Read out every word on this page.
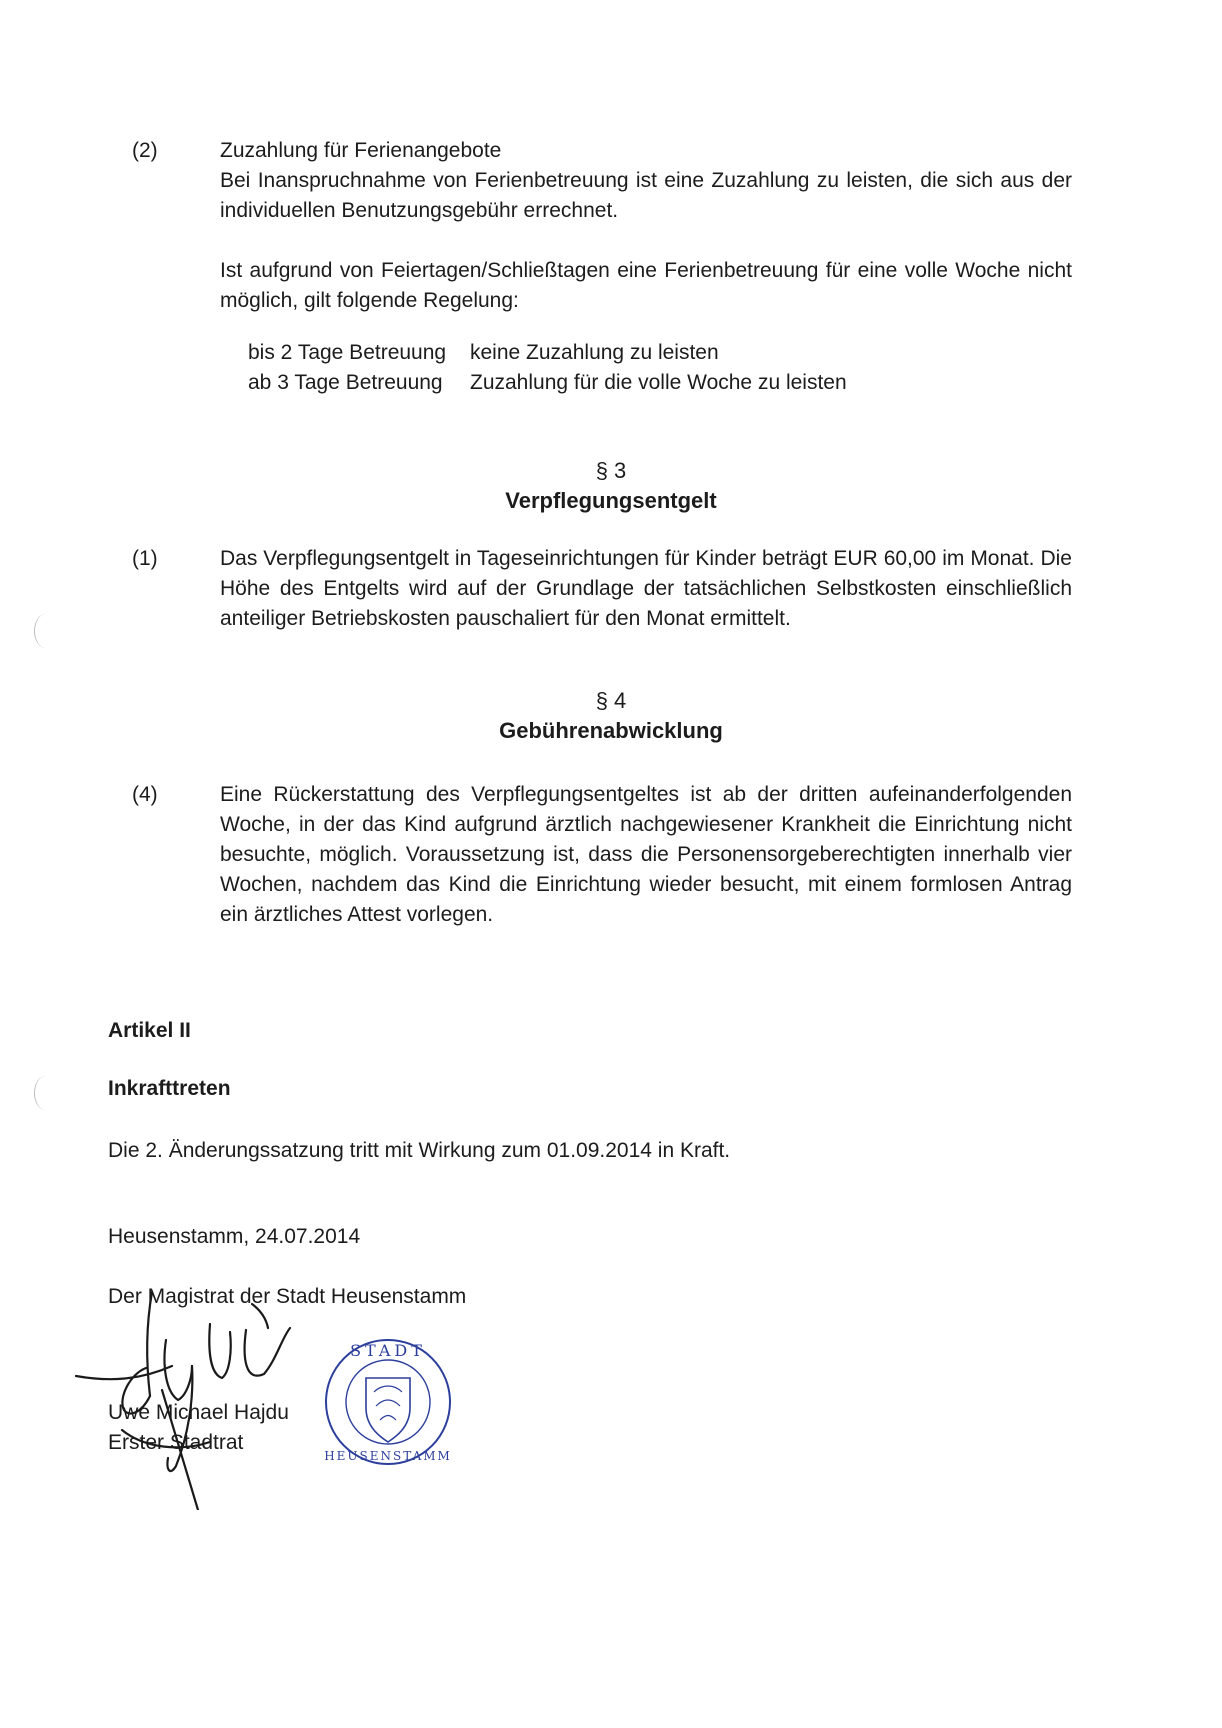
(2)	Zuzahlung für Ferienangebote

Bei Inanspruchnahme von Ferienbetreuung ist eine Zuzahlung zu leisten, die sich aus der individuellen Benutzungsgebühr errechnet.

Ist aufgrund von Feiertagen/Schließtagen eine Ferienbetreuung für eine volle Woche nicht möglich, gilt folgende Regelung:

bis 2 Tage Betreuung	keine Zuzahlung zu leisten
ab 3 Tage Betreuung	Zuzahlung für die volle Woche zu leisten
§ 3
Verpflegungsentgelt
(1)	Das Verpflegungsentgelt in Tageseinrichtungen für Kinder beträgt EUR 60,00 im Monat. Die Höhe des Entgelts wird auf der Grundlage der tatsächlichen Selbstkosten einschließlich anteiliger Betriebskosten pauschaliert für den Monat ermittelt.

§ 4
Gebührenabwicklung
(4)	Eine Rückerstattung des Verpflegungsentgeltes ist ab der dritten aufeinanderfolgenden Woche, in der das Kind aufgrund ärztlich nachgewiesener Krankheit die Einrichtung nicht besuchte, möglich. Voraussetzung ist, dass die Personensorgeberechtigten innerhalb vier Wochen, nachdem das Kind die Einrichtung wieder besucht, mit einem formlosen Antrag ein ärztliches Attest vorlegen.

Artikel II
Inkrafttreten
Die 2. Änderungssatzung tritt mit Wirkung zum 01.09.2014 in Kraft.
Heusenstamm, 24.07.2014
Der Magistrat der Stadt Heusenstamm
Uwe Michael Hajdu
Erster Stadtrat
STADT
HEUSENSTAMM
